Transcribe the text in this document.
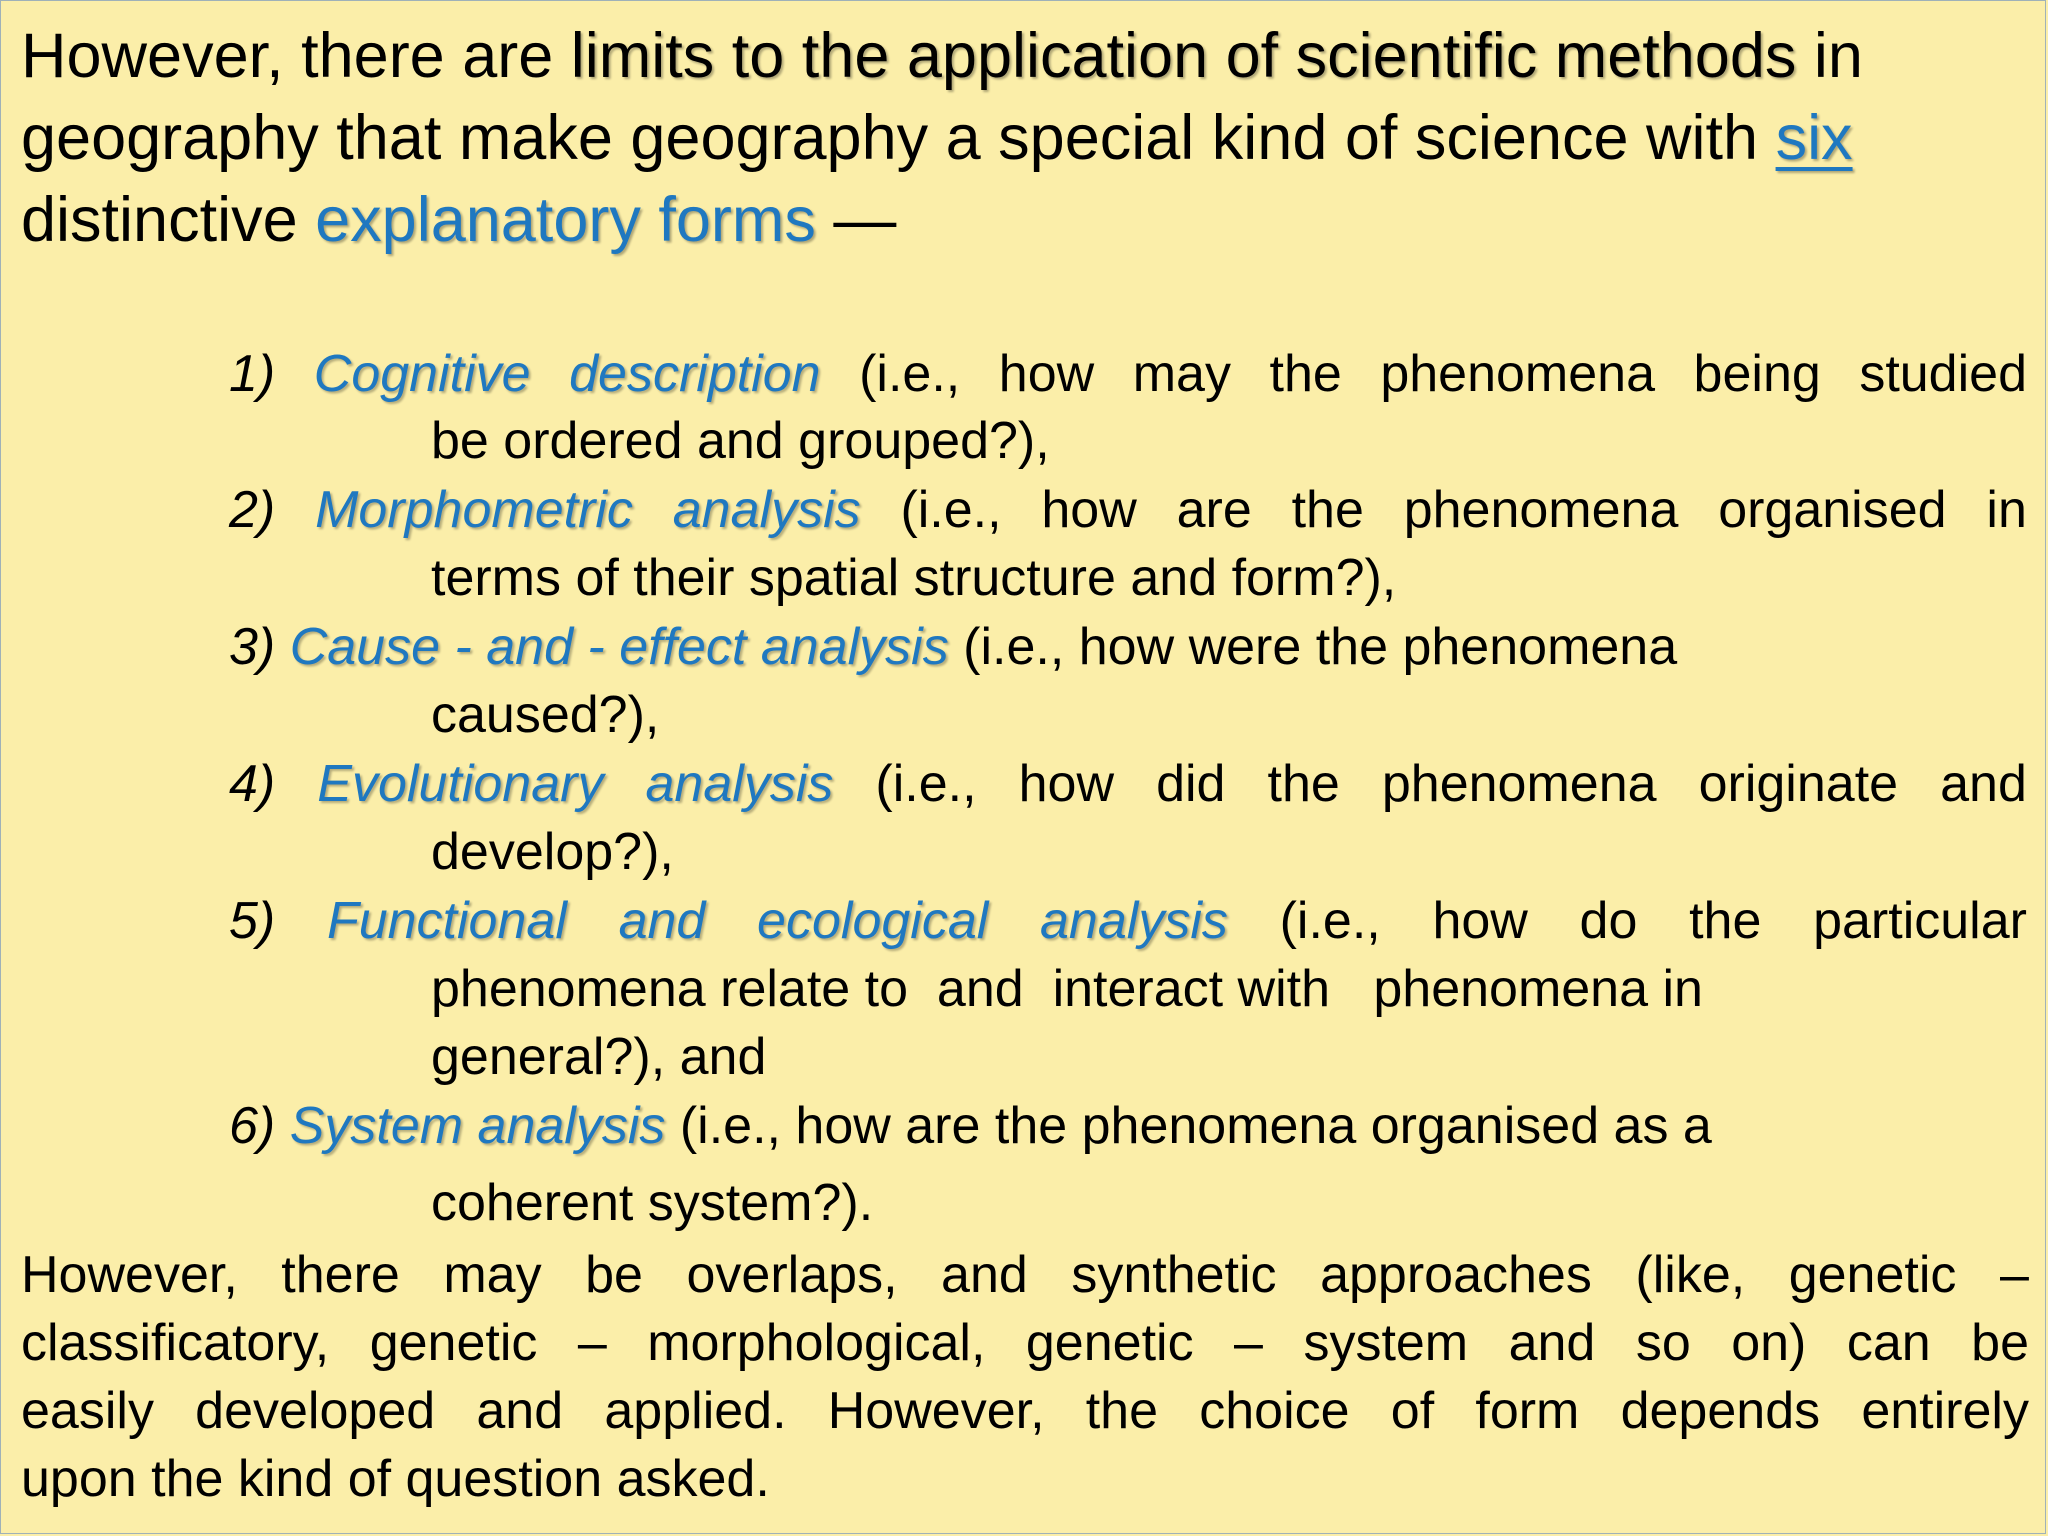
However, there are limits to the application of scientific methods in
geography that make geography a special kind of science with six
distinctive explanatory forms —
1) Cognitive description (i.e., how may the phenomena being studied
be ordered and grouped?),
2) Morphometric analysis (i.e., how are the phenomena organised in
terms of their spatial structure and form?),
3)
Cause - and - effect analysis
(i.e., how were the phenomena
caused?),
4) Evolutionary analysis (i.e., how did the phenomena originate and
develop?),
5) Functional and ecological analysis (i.e., how do the particular
phenomena relate to  and  interact with   phenomena in
general?), and
6)
System analysis
(i.e., how are the phenomena organised as a
coherent system?).
However, there may be overlaps, and synthetic approaches (like, genetic –
classificatory, genetic – morphological, genetic – system and so on) can be
easily developed and applied. However, the choice of form depends entirely
upon the kind of question asked.
